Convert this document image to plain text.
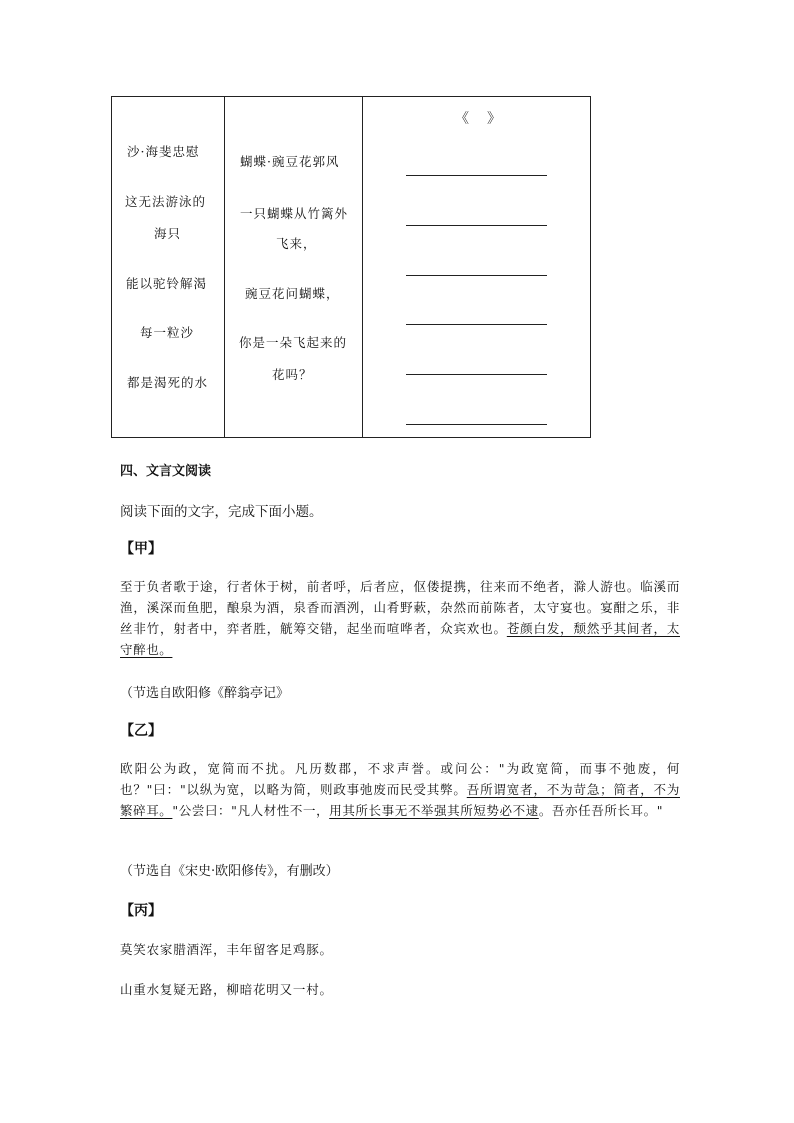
沙·海斐忠慰
这无法游泳的
海只
能以驼铃解渴
每一粒沙
都是渴死的水
蝴蝶·豌豆花郭风
一只蝴蝶从竹篱外
飞来，
豌豆花问蝴蝶，
你是一朵飞起来的
花吗？
《》
四、文言文阅读
阅读下面的文字，完成下面小题。
【甲】
至于负者歌于途，行者休于树，前者呼，后者应，伛偻提携，往来而不绝者，滁人游也。临溪而渔，溪深而鱼肥，酿泉为酒，泉香而酒洌，山肴野蔌，杂然而前陈者，太守宴也。宴酣之乐，非丝非竹，射者中，弈者胜，觥筹交错，起坐而喧哗者，众宾欢也。苍颜白发，颓然乎其间者，太守醉也。
（节选自欧阳修《醉翁亭记》
【乙】
欧阳公为政，宽简而不扰。凡历数郡，不求声誉。或问公："为政宽简，而事不弛废，何也？"曰："以纵为宽，以略为简，则政事弛废而民受其弊。吾所谓宽者，不为苛急；简者，不为繁碎耳。"公尝曰："凡人材性不一，用其所长事无不举强其所短势必不逮。吾亦任吾所长耳。"
（节选自《宋史·欧阳修传》，有删改）
【丙】
莫笑农家腊酒浑，丰年留客足鸡豚。
山重水复疑无路，柳暗花明又一村。
